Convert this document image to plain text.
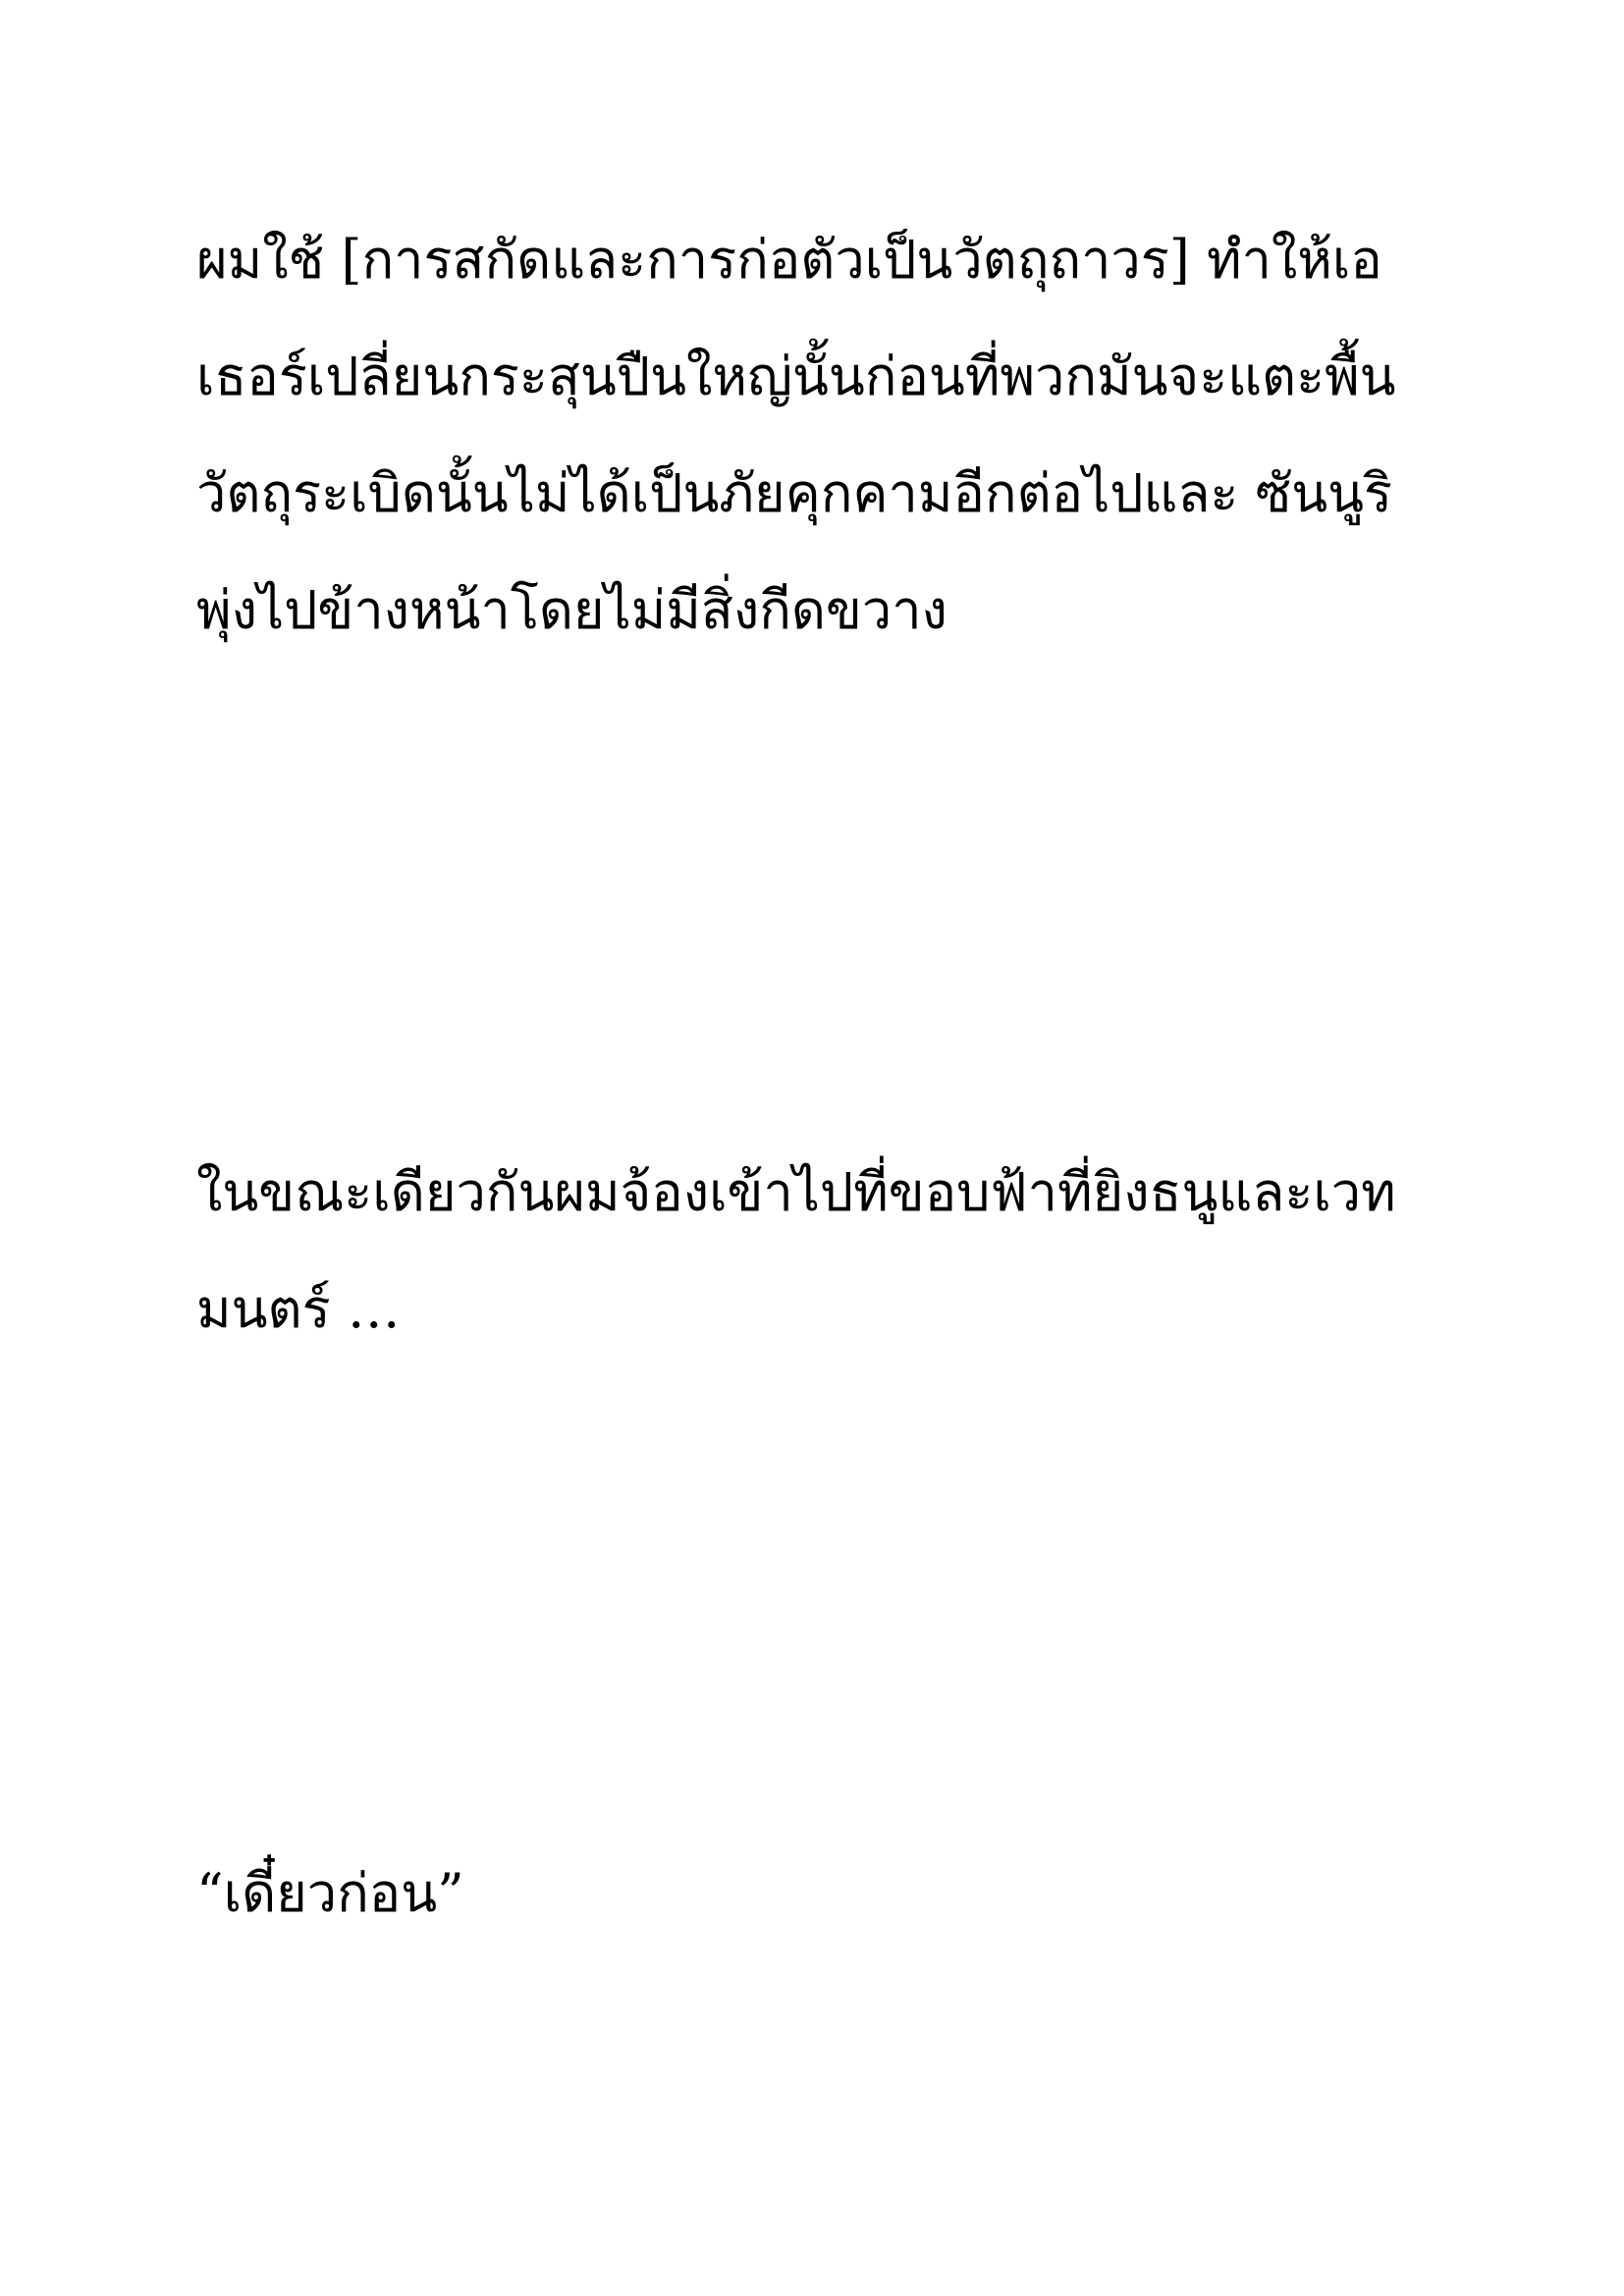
ผมใช้ [การสกัดและการก่อตัวเป็นวัตถุถาวร] ทำให้เอ

เธอร์เปลี่ยนกระสุนปืนใหญ่นั้นก่อนที่พวกมันจะแตะพื้น

วัตถุระเบิดนั้นไม่ได้เป็นภัยคุกคามอีกต่อไปและ ซันนูริ

พุ่งไปข้างหน้าโดยไม่มีสิ่งกีดขวาง

ในขณะเดียวกันผมจ้องเข้าไปที่ขอบฟ้าที่ยิงธนูและเวท

มนตร์ …

“เดี๋ยวก่อน”
